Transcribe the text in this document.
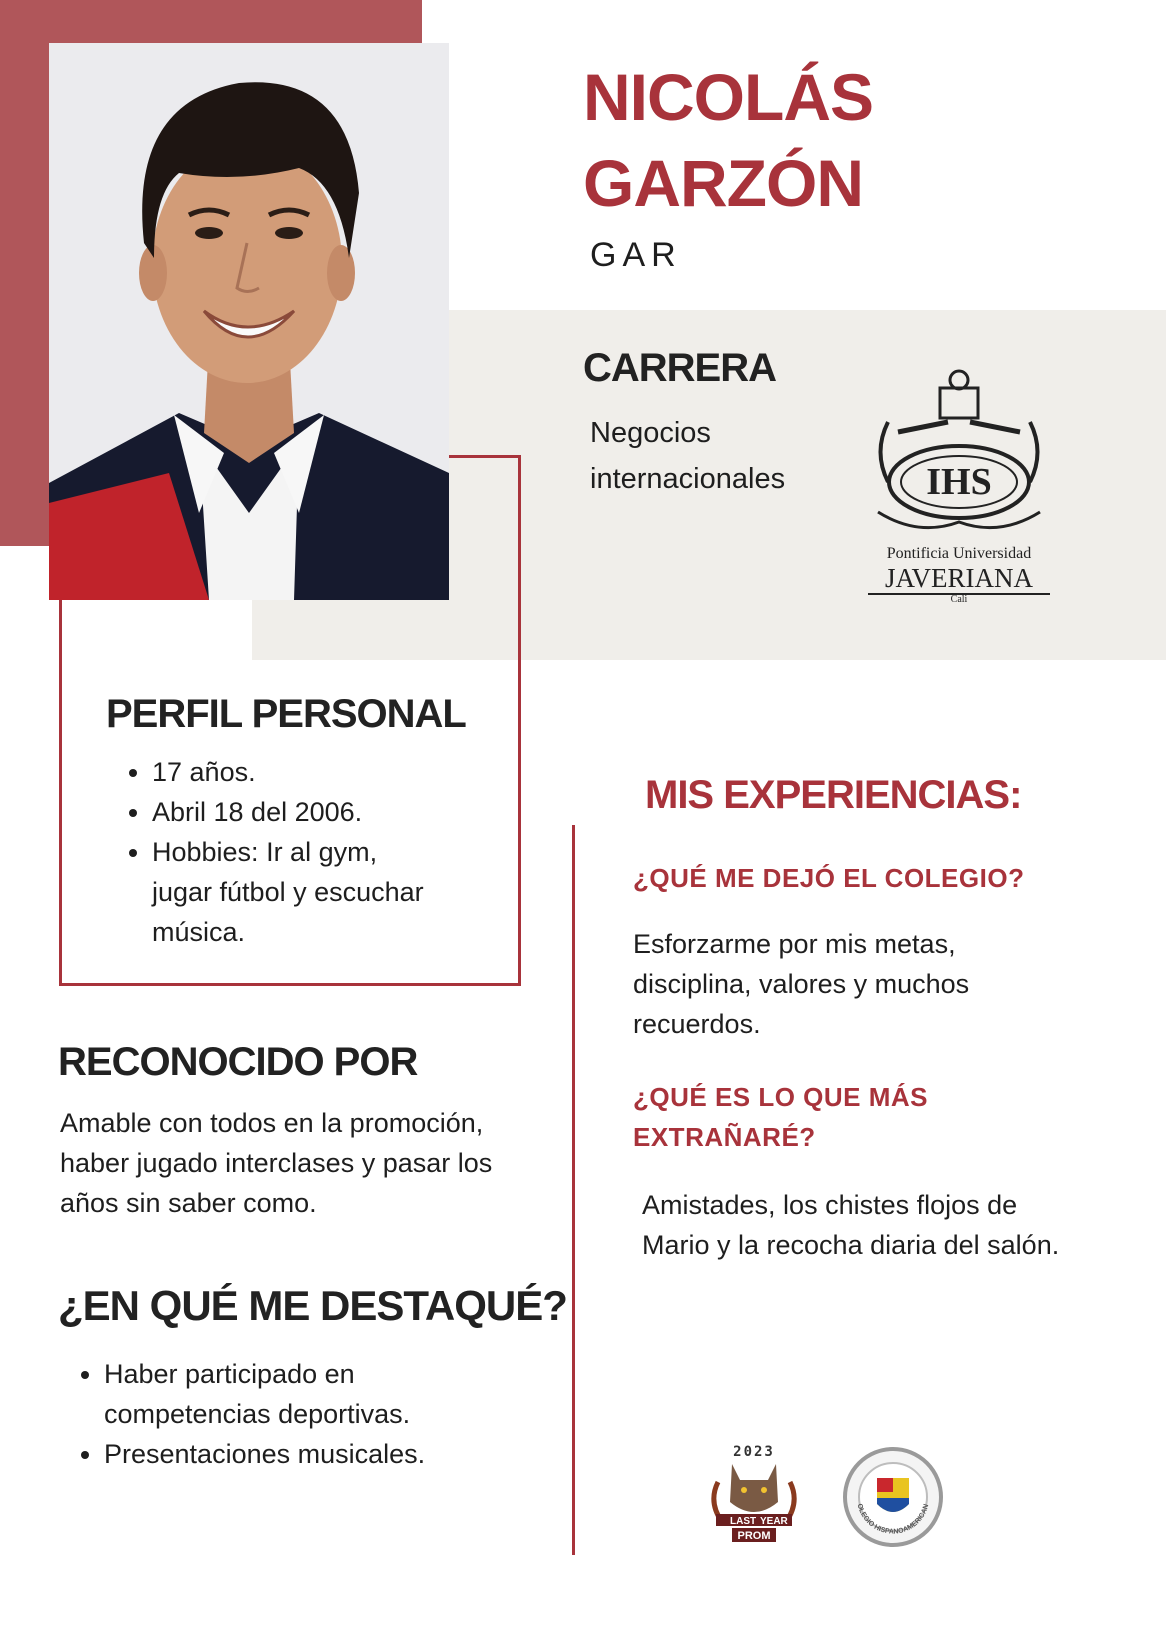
NICOLÁS
GARZÓN
GAR
CARRERA
Negocios internacionales	IHS
Pontificia Universidad
JAVERIANA
Cali
PERFIL PERSONAL
• 17 años.
• Abril 18 del 2006.
• Hobbies: Ir al gym, jugar fútbol y escuchar música.
RECONOCIDO POR
Amable con todos en la promoción, haber jugado interclases y pasar los años sin saber como.
¿EN QUÉ ME DESTAQUÉ?
• Haber participado en competencias deportivas.
• Presentaciones musicales.
MIS EXPERIENCIAS:
¿QUÉ ME DEJÓ EL COLEGIO?
Esforzarme por mis metas, disciplina, valores y muchos recuerdos.
¿QUÉ ES LO QUE MÁS EXTRAÑARÉ?
Amistades, los chistes flojos de Mario y la recocha diaria del salón.
2023
LAST YEAR
PROM
OLEGIO HISPANOAMERICAN
